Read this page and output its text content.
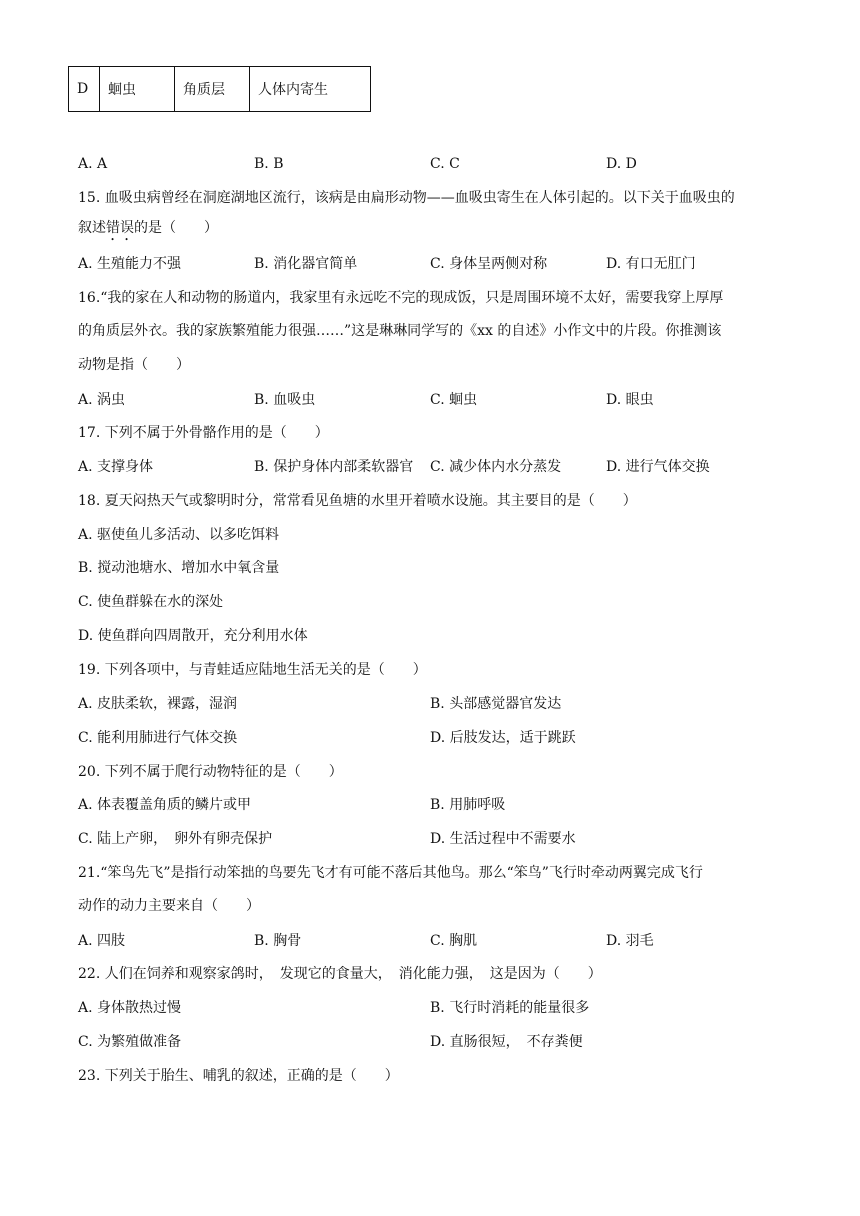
D	蛔虫	角质层	人体内寄生
A. A	B. B	C. C	D. D
15. 血吸虫病曾经在洞庭湖地区流行，该病是由扁形动物——血吸虫寄生在人体引起的。以下关于血吸虫的
叙述错误的是（　　）
A. 生殖能力不强	B. 消化器官简单	C. 身体呈两侧对称	D. 有口无肛门
16.“我的家在人和动物的肠道内，我家里有永远吃不完的现成饭，只是周围环境不太好，需要我穿上厚厚
的角质层外衣。我的家族繁殖能力很强……”这是琳琳同学写的《xx 的自述》小作文中的片段。你推测该
动物是指（　　）
A. 涡虫	B. 血吸虫	C. 蛔虫	D. 眼虫
17. 下列不属于外骨骼作用的是（　　）
A. 支撑身体	B. 保护身体内部柔软器官 C. 减少体内水分蒸发	D. 进行气体交换
18. 夏天闷热天气或黎明时分，常常看见鱼塘的水里开着喷水设施。其主要目的是（　　）
A. 驱使鱼儿多活动、以多吃饵料
B. 搅动池塘水、增加水中氧含量
C. 使鱼群躲在水的深处
D. 使鱼群向四周散开，充分利用水体
19. 下列各项中，与青蛙适应陆地生活无关的是（　　）
A. 皮肤柔软，裸露，湿润	B. 头部感觉器官发达
C. 能利用肺进行气体交换	D. 后肢发达，适于跳跃
20. 下列不属于爬行动物特征的是（　　）
A. 体表覆盖角质的鳞片或甲	B. 用肺呼吸
C. 陆上产卵，　卵外有卵壳保护	D. 生活过程中不需要水
21.“笨鸟先飞”是指行动笨拙的鸟要先飞才有可能不落后其他鸟。那么“笨鸟”飞行时牵动两翼完成飞行
动作的动力主要来自（　　）
A. 四肢	B. 胸骨	C. 胸肌	D. 羽毛
22. 人们在饲养和观察家鸽时，　发现它的食量大，　消化能力强，　这是因为（　　）
A. 身体散热过慢	B. 飞行时消耗的能量很多
C. 为繁殖做准备	D. 直肠很短，　不存粪便
23. 下列关于胎生、哺乳的叙述，正确的是（　　）
